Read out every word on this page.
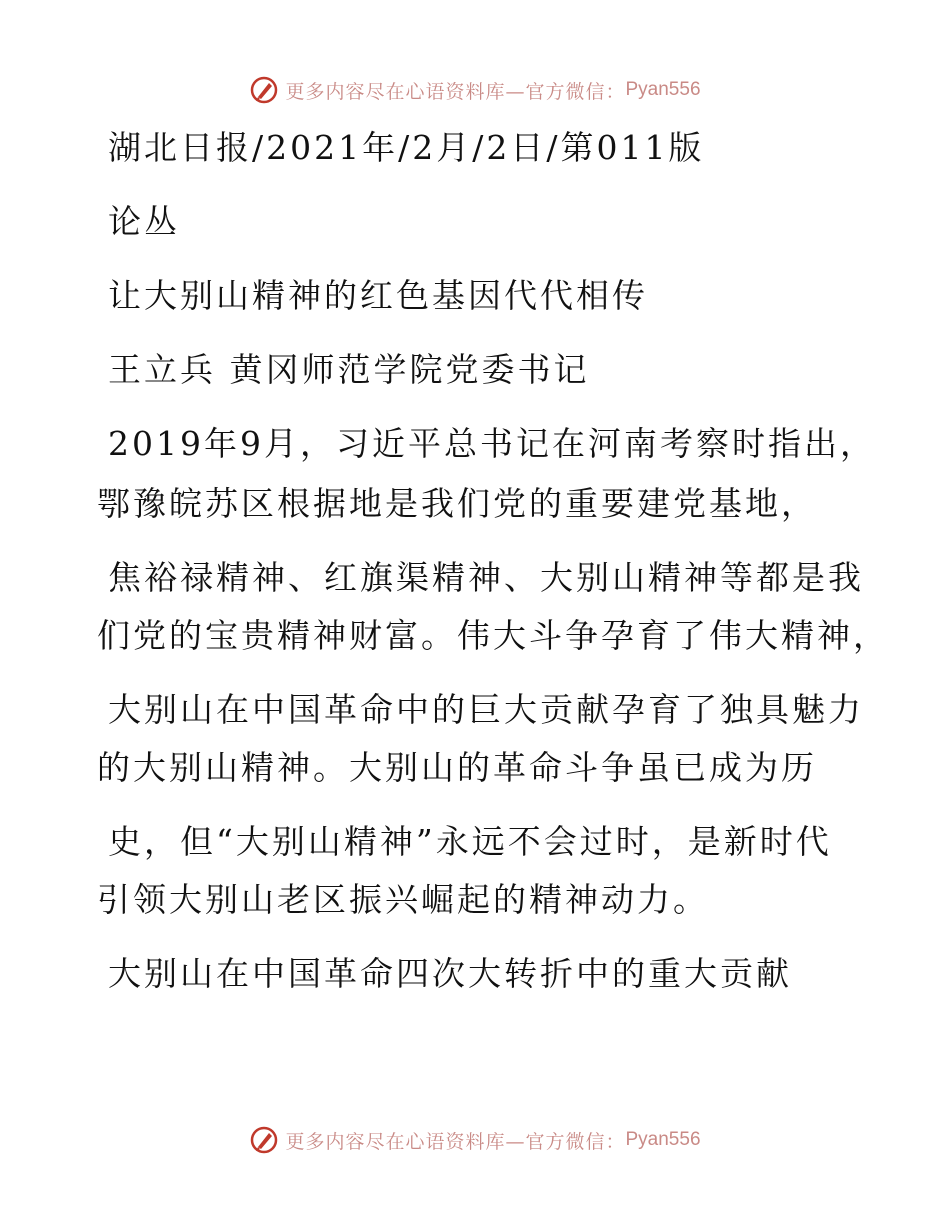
更多内容尽在心语资料库—官方微信： Pyan556
湖北日报/2021年/2月/2日/第011版
论丛
让大别山精神的红色基因代代相传
王立兵 黄冈师范学院党委书记
2019年9月，习近平总书记在河南考察时指出，
鄂豫皖苏区根据地是我们党的重要建党基地，
焦裕禄精神、红旗渠精神、大别山精神等都是我
们党的宝贵精神财富。伟大斗争孕育了伟大精神，
大别山在中国革命中的巨大贡献孕育了独具魅力
的大别山精神。大别山的革命斗争虽已成为历
史，但“大别山精神”永远不会过时，是新时代
引领大别山老区振兴崛起的精神动力。
大别山在中国革命四次大转折中的重大贡献
更多内容尽在心语资料库—官方微信： Pyan556
